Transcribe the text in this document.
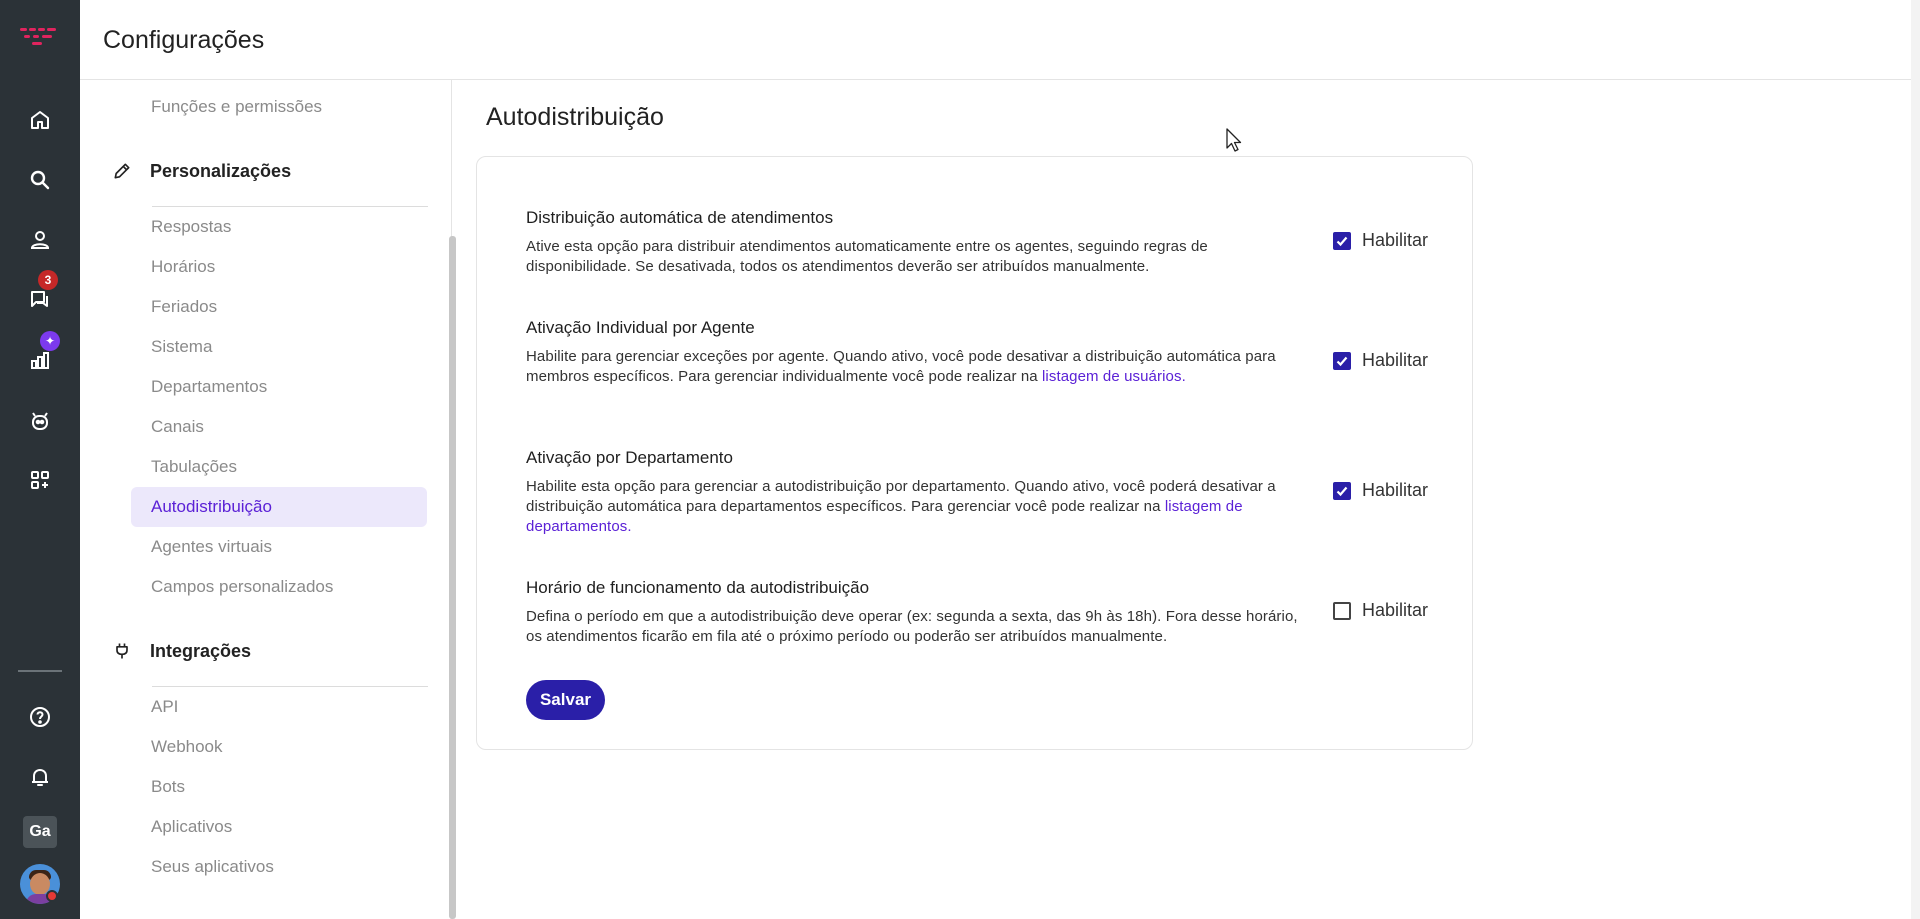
3
✦
Ga
Configurações
Funções e permissões
Personalizações
Respostas
Horários
Feriados
Sistema
Departamentos
Canais
Tabulações
Autodistribuição
Agentes virtuais
Campos personalizados
Integrações
API
Webhook
Bots
Aplicativos
Seus aplicativos
Autodistribuição
Distribuição automática de atendimentos
Ative esta opção para distribuir atendimentos automaticamente entre os agentes, seguindo regras de disponibilidade. Se desativada, todos os atendimentos deverão ser atribuídos manualmente.
Habilitar
Ativação Individual por Agente
Habilite para gerenciar exceções por agente. Quando ativo, você pode desativar a distribuição automática para membros específicos. Para gerenciar individualmente você pode realizar na listagem de usuários.
Habilitar
Ativação por Departamento
Habilite esta opção para gerenciar a autodistribuição por departamento. Quando ativo, você poderá desativar a distribuição automática para departamentos específicos. Para gerenciar você pode realizar na listagem de departamentos.
Habilitar
Horário de funcionamento da autodistribuição
Defina o período em que a autodistribuição deve operar (ex: segunda a sexta, das 9h às 18h). Fora desse horário, os atendimentos ficarão em fila até o próximo período ou poderão ser atribuídos manualmente.
Habilitar
Salvar
